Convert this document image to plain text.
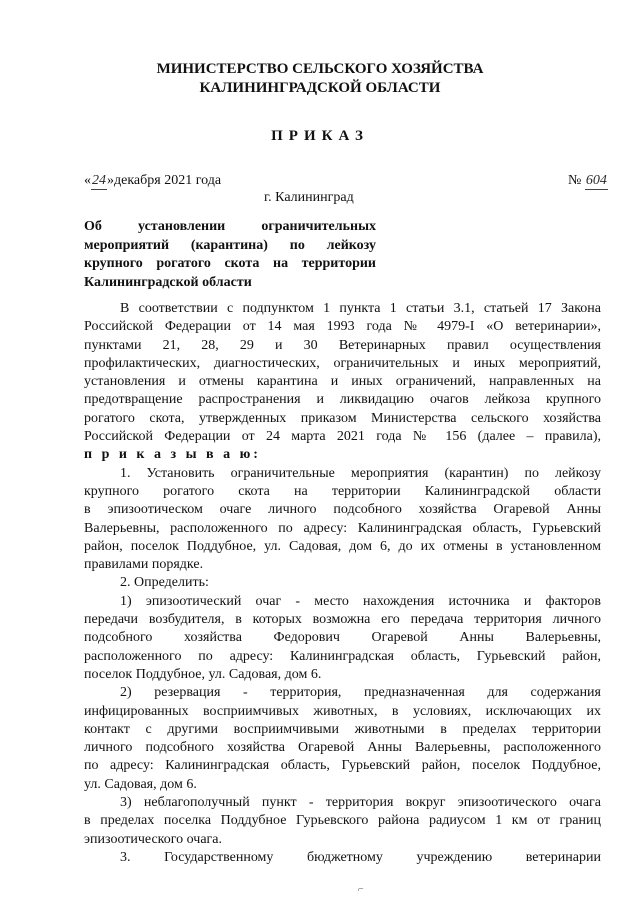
МИНИСТЕРСТВО СЕЛЬСКОГО ХОЗЯЙСТВА
КАЛИНИНГРАДСКОЙ ОБЛАСТИ
ПРИКАЗ
«24»декабря 2021 года	№ 604
г. Калининград
Об установлении ограничительных
мероприятий (карантина) по лейкозу
крупного рогатого скота на территории
Калининградской области
В соответствии с подпунктом 1 пункта 1 статьи 3.1, статьей 17 Закона
Российской Федерации от 14 мая 1993 года № 4979-I «О ветеринарии»,
пунктами 21, 28, 29 и 30 Ветеринарных правил осуществления
профилактических, диагностических, ограничительных и иных мероприятий,
установления и отмены карантина и иных ограничений, направленных на
предотвращение распространения и ликвидацию очагов лейкоза крупного
рогатого скота, утвержденных приказом Министерства сельского хозяйства
Российской Федерации от 24 марта 2021 года № 156 (далее – правила),
п р и к а з ы в а ю:
1. Установить ограничительные мероприятия (карантин) по лейкозу
крупного рогатого скота на территории Калининградской области
в эпизоотическом очаге личного подсобного хозяйства Огаревой Анны
Валерьевны, расположенного по адресу: Калининградская область, Гурьевский
район, поселок Поддубное, ул. Садовая, дом 6, до их отмены в установленном
правилами порядке.
2. Определить:
1) эпизоотический очаг - место нахождения источника и факторов
передачи возбудителя, в которых возможна его передача территория личного
подсобного хозяйства Федорович Огаревой Анны Валерьевны,
расположенного по адресу: Калининградская область, Гурьевский район,
поселок Поддубное, ул. Садовая, дом 6.
2) резервация - территория, предназначенная для содержания
инфицированных восприимчивых животных, в условиях, исключающих их
контакт с другими восприимчивыми животными в пределах территории
личного подсобного хозяйства Огаревой Анны Валерьевны, расположенного
по адресу: Калининградская область, Гурьевский район, поселок Поддубное,
ул. Садовая, дом 6.
3) неблагополучный пункт - территория вокруг эпизоотического очага
в пределах поселка Поддубное Гурьевского района радиусом 1 км от границ
эпизоотического очага.
3. Государственному бюджетному учреждению ветеринарии
⌐
